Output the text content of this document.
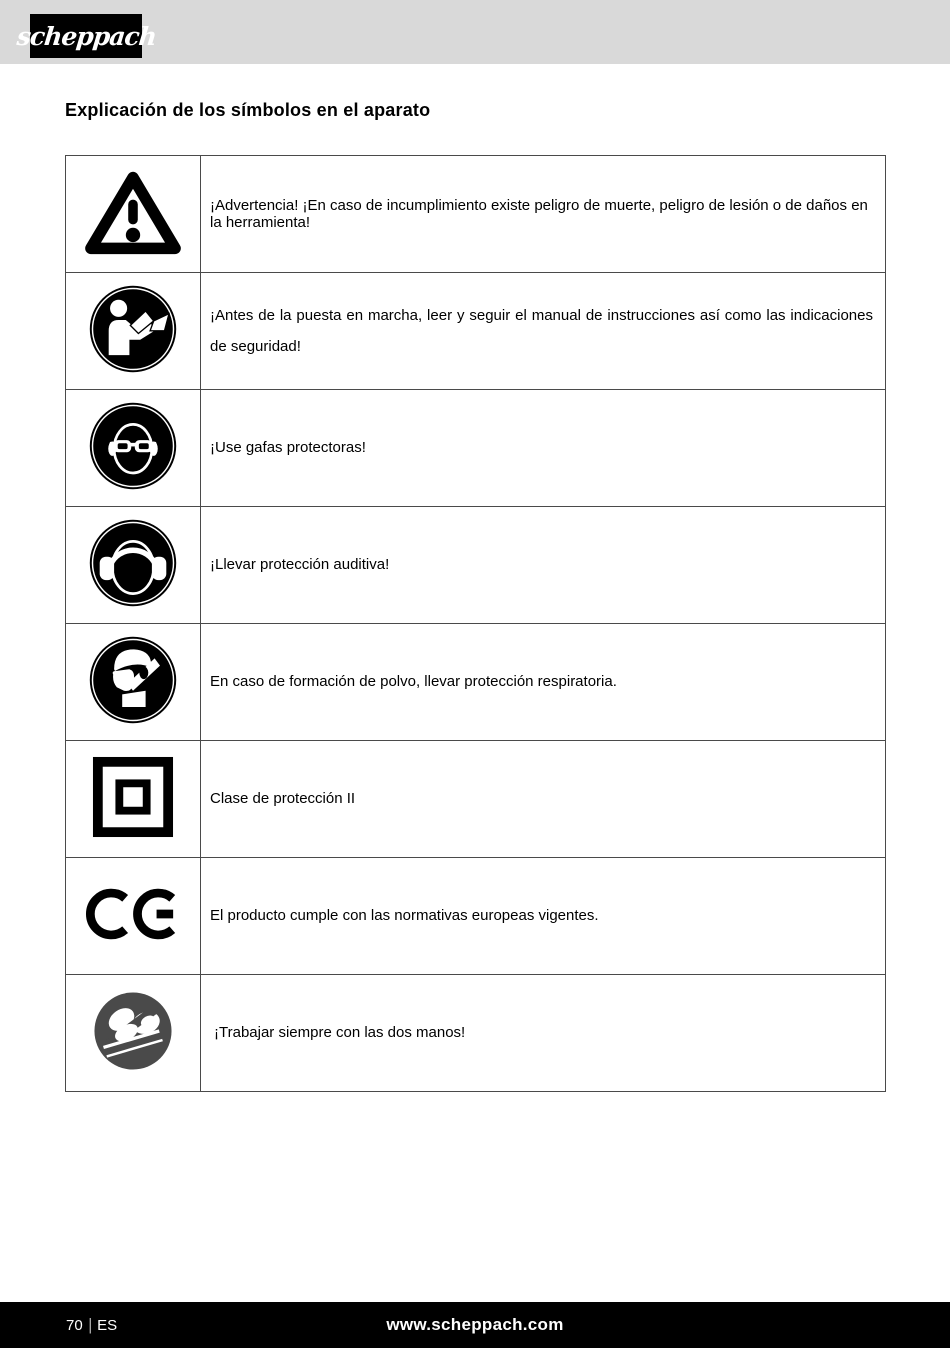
scheppach
Explicación de los símbolos en el aparato
	¡Advertencia! ¡En caso de incumplimiento existe peligro de muerte, peligro de lesión o de daños en la herramienta!
	¡Antes de la puesta en marcha, leer y seguir el manual de instrucciones así como las indicaciones de seguridad!
	¡Use gafas protectoras!
	¡Llevar protección auditiva!
	En caso de formación de polvo, llevar protección respiratoria.
	Clase de protección II
	El producto cumple con las normativas europeas vigentes.
	¡Trabajar siempre con las dos manos!
70 | ES	www.scheppach.com
